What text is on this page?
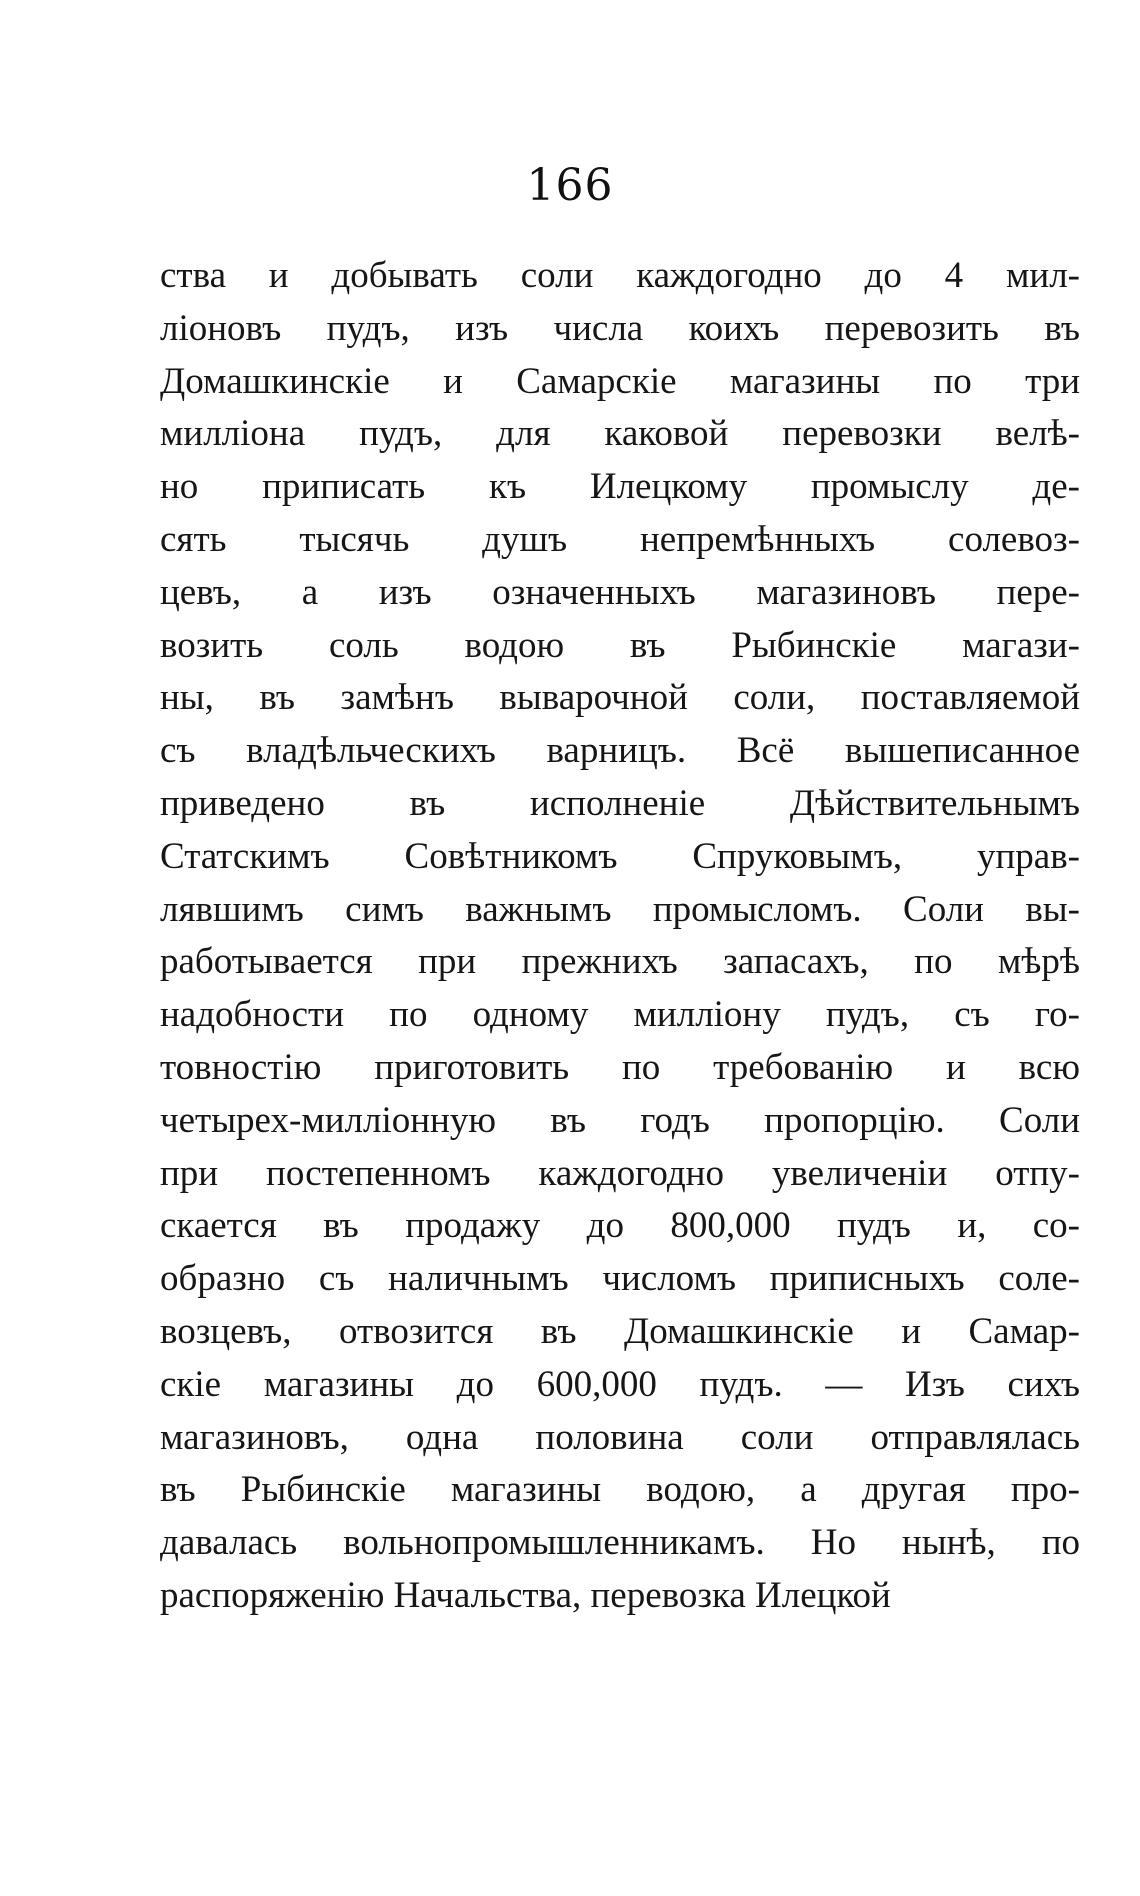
166
ства и добывать соли каждогодно до 4 мил-
ліоновъ пудъ, изъ числа коихъ перевозить въ
Домашкинскіе и Самарскіе магазины по три
милліона пудъ, для каковой перевозки велѣ-
но приписать къ Илецкому промыслу де-
сять тысячь душъ непремѣнныхъ солевоз-
цевъ, а изъ означенныхъ магазиновъ пере-
возить соль водою въ Рыбинскіе магази-
ны, въ замѣнъ выварочной соли, поставляемой
съ владѣльческихъ варницъ. Всё вышеписанное
приведено въ исполненіе Дѣйствительнымъ
Статскимъ Совѣтникомъ Спруковымъ, управ-
лявшимъ симъ важнымъ промысломъ. Соли вы-
работывается при прежнихъ запасахъ, по мѣрѣ
надобности по одному милліону пудъ, съ го-
товностію приготовить по требованію и всю
четырех-милліонную въ годъ пропорцію. Соли
при постепенномъ каждогодно увеличеніи отпу-
скается въ продажу до 800,000 пудъ и, со-
образно съ наличнымъ числомъ приписныхъ соле-
возцевъ, отвозится въ Домашкинскіе и Самар-
скіе магазины до 600,000 пудъ. — Изъ сихъ
магазиновъ, одна половина соли отправлялась
въ Рыбинскіе магазины водою, а другая про-
давалась вольнопромышленникамъ. Но нынѣ, по
распоряженію Начальства, перевозка Илецкой
